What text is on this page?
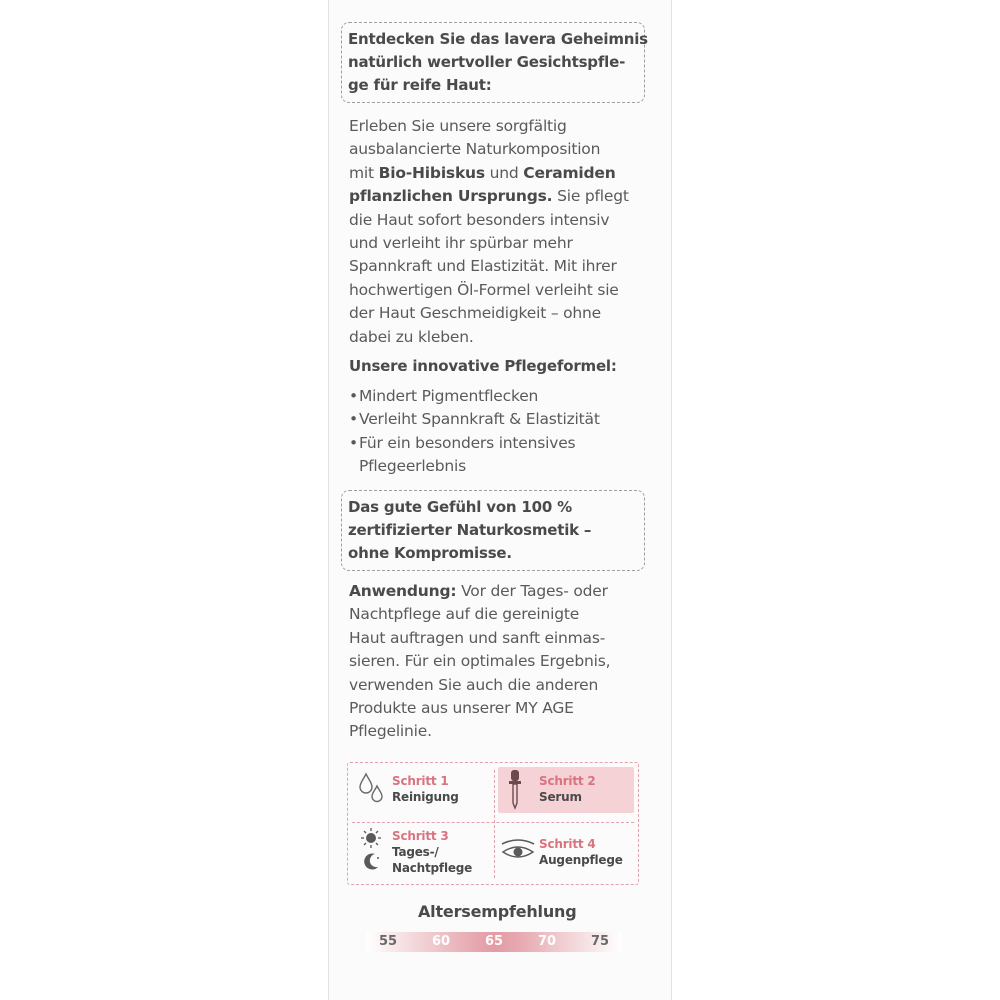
Entdecken Sie das lavera Geheimnis
natürlich wertvoller Gesichtspfle-
ge für reife Haut:
Erleben Sie unsere sorgfältig
ausbalancierte Naturkomposition
mit Bio-Hibiskus und Ceramiden
pflanzlichen Ursprungs. Sie pflegt
die Haut sofort besonders intensiv
und verleiht ihr spürbar mehr
Spannkraft und Elastizität. Mit ihrer
hochwertigen Öl-Formel verleiht sie
der Haut Geschmeidigkeit – ohne
dabei zu kleben.
Unsere innovative Pflegeformel:
• Mindert Pigmentflecken
• Verleiht Spannkraft & Elastizität
• Für ein besonders intensives
Pflegeerlebnis
Das gute Gefühl von 100 %
zertifizierter Naturkosmetik –
ohne Kompromisse.
Anwendung: Vor der Tages- oder
Nachtpflege auf die gereinigte
Haut auftragen und sanft einmas-
sieren. Für ein optimales Ergebnis,
verwenden Sie auch die anderen
Produkte aus unserer MY AGE
Pflegelinie.
Schritt 1
Reinigung
Schritt 2
Serum
Schritt 3
Tages-/
Nachtpflege
Schritt 4
Augenpflege
Altersempfehlung
55	60	65	70	75
